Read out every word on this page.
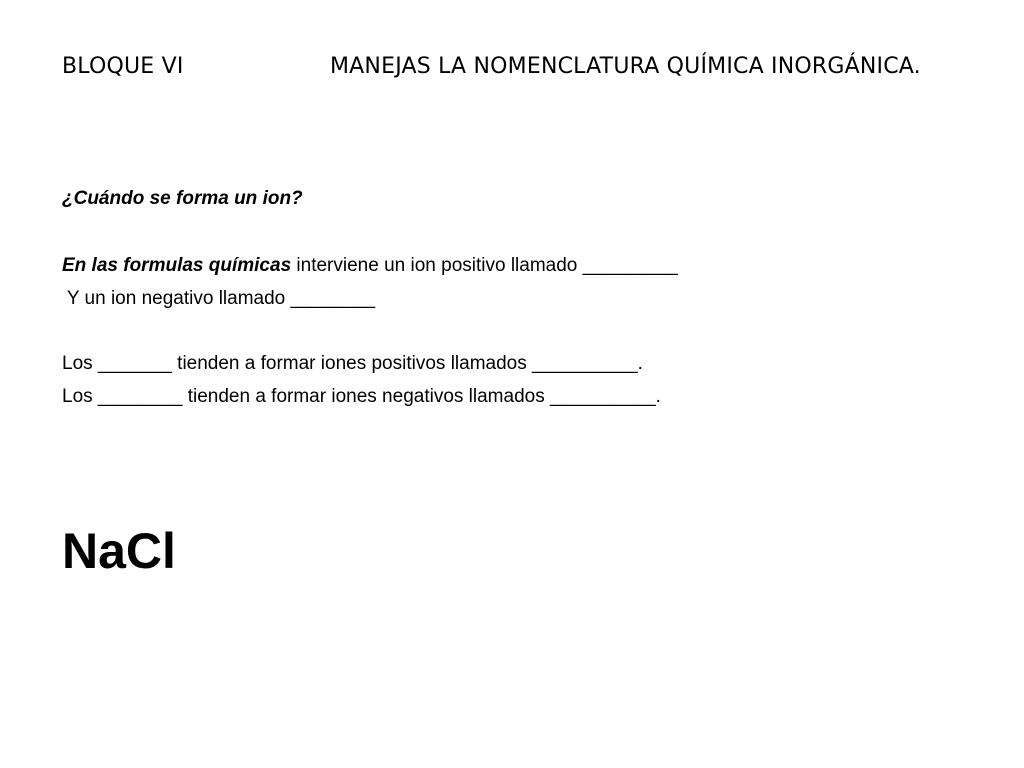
BLOQUE VI	MANEJAS LA NOMENCLATURA QUÍMICA INORGÁNICA.
¿Cuándo se forma un ion?
En las formulas químicas interviene un ion positivo llamado _________
Y un ion negativo llamado ________
Los _______ tienden a formar iones positivos llamados __________.
Los ________ tienden a formar iones negativos llamados __________.
NaCl
